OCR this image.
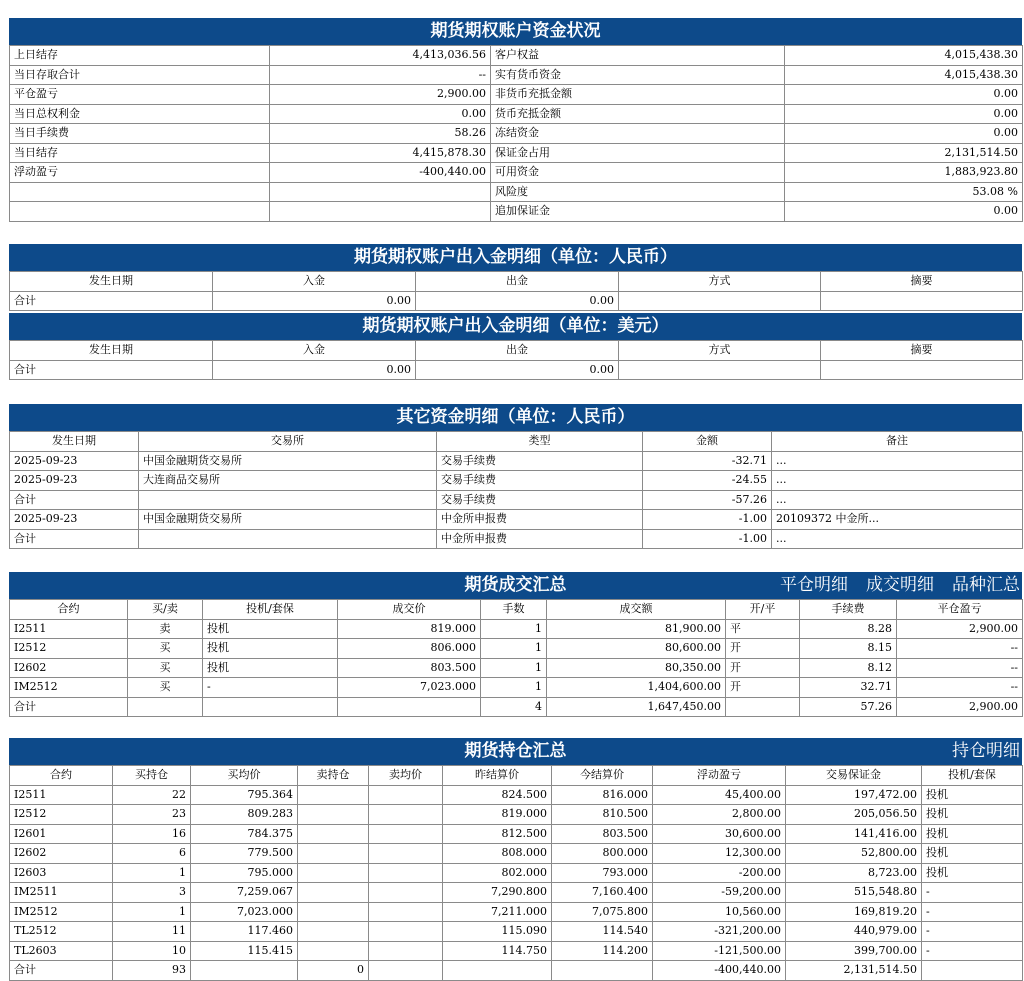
期货期权账户资金状况
上日结存	4,413,036.56	客户权益	4,015,438.30
当日存取合计	--	实有货币资金	4,015,438.30
平仓盈亏	2,900.00	非货币充抵金额	0.00
当日总权利金	0.00	货币充抵金额	0.00
当日手续费	58.26	冻结资金	0.00
当日结存	4,415,878.30	保证金占用	2,131,514.50
浮动盈亏	-400,440.00	可用资金	1,883,923.80
		风险度	53.08 %
		追加保证金	0.00
期货期权账户出入金明细（单位：人民币）
发生日期	入金	出金	方式	摘要
合计	0.00	0.00		
期货期权账户出入金明细（单位：美元）
发生日期	入金	出金	方式	摘要
合计	0.00	0.00		
其它资金明细（单位：人民币）
发生日期	交易所	类型	金额	备注
2025-09-23	中国金融期货交易所	交易手续费	-32.71	...
2025-09-23	大连商品交易所	交易手续费	-24.55	...
合计		交易手续费	-57.26	...
2025-09-23	中国金融期货交易所	中金所申报费	-1.00	20109372 中金所...
合计		中金所申报费	-1.00	...
期货成交汇总	平仓明细 成交明细 品种汇总
合约	买/卖	投机/套保	成交价	手数	成交额	开/平	手续费	平仓盈亏
I2511	卖	投机	819.000	1	81,900.00	平	8.28	2,900.00
I2512	买	投机	806.000	1	80,600.00	开	8.15	--
I2602	买	投机	803.500	1	80,350.00	开	8.12	--
IM2512	买	-	7,023.000	1	1,404,600.00	开	32.71	--
合计				4	1,647,450.00		57.26	2,900.00
期货持仓汇总	持仓明细
合约	买持仓	买均价	卖持仓	卖均价	昨结算价	今结算价	浮动盈亏	交易保证金	投机/套保
I2511	22	795.364			824.500	816.000	45,400.00	197,472.00	投机
I2512	23	809.283			819.000	810.500	2,800.00	205,056.50	投机
I2601	16	784.375			812.500	803.500	30,600.00	141,416.00	投机
I2602	6	779.500			808.000	800.000	12,300.00	52,800.00	投机
I2603	1	795.000			802.000	793.000	-200.00	8,723.00	投机
IM2511	3	7,259.067			7,290.800	7,160.400	-59,200.00	515,548.80	-
IM2512	1	7,023.000			7,211.000	7,075.800	10,560.00	169,819.20	-
TL2512	11	117.460			115.090	114.540	-321,200.00	440,979.00	-
TL2603	10	115.415			114.750	114.200	-121,500.00	399,700.00	-
合计	93		0				-400,440.00	2,131,514.50	
